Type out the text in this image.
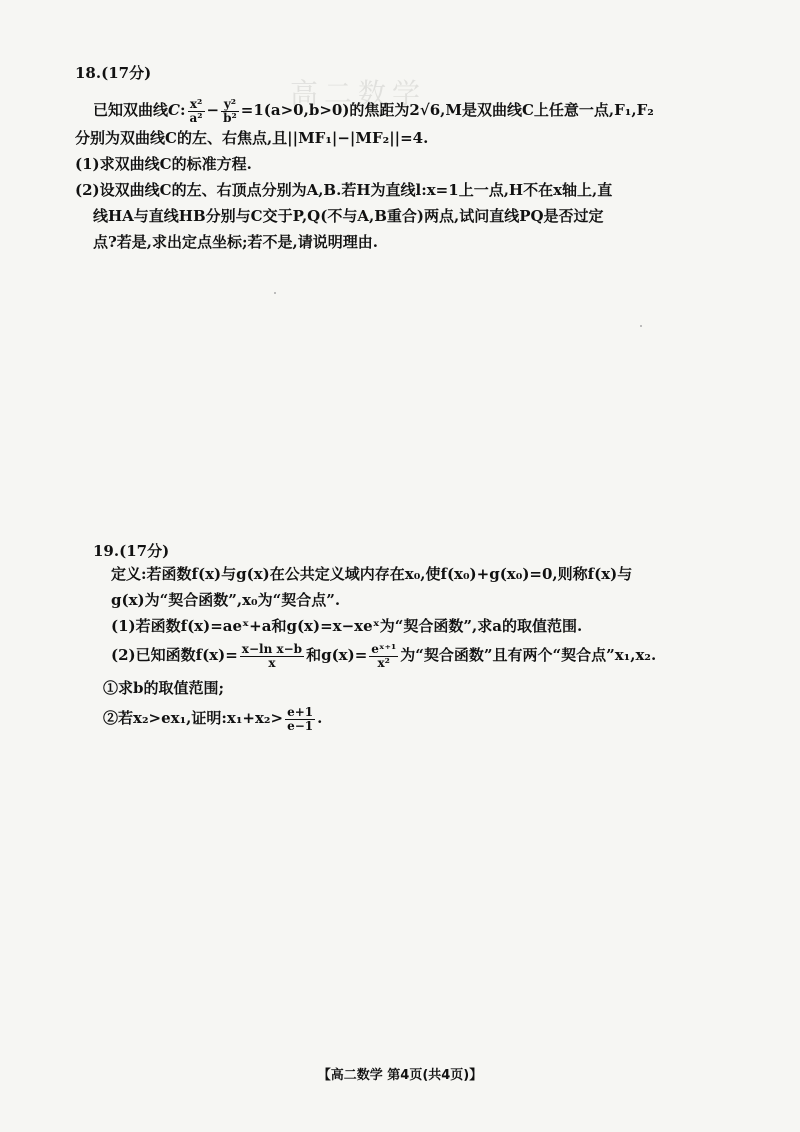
高二数学
18.(17分)
已知双曲线C: $\frac{\text{x²}}{\text{a²}} - \frac{\text{y²}}{\text{b²}} =1(a>0,b>0)$的焦距为2√6,M是双曲线C上任意一点,F₁,F₂
分别为双曲线C的左、右焦点,且||MF₁|−|MF₂||=4.
(1)求双曲线C的标准方程.
(2)设双曲线C的左、右顶点分别为A,B.若H为直线l:x=1上一点,H不在x轴上,直
线HA与直线HB分别与C交于P,Q(不与A,B重合)两点,试问直线PQ是否过定
点?若是,求出定点坐标;若不是,请说明理由.
19.(17分)
定义:若函数f(x)与g(x)在公共定义域内存在x₀,使f(x₀)+g(x₀)=0,则称f(x)与
g(x)为“契合函数”,x₀为“契合点”.
(1)若函数f(x)=aeˣ+a和g(x)=x−xeˣ为“契合函数”,求a的取值范围.
(2)已知函数$f(x)= \frac{\text{x−ln x−b}}{x}$ 和$g(x)= \frac{\text{eˣ⁺¹}}{\text{x²}}$ 为“契合函数”且有两个“契合点”x₁,x₂.
①求b的取值范围;
②若x₂>ex₁,证明:x₁+x₂> $\frac{e+1}{e-1}$ .
【高二数学 第4页(共4页)】
